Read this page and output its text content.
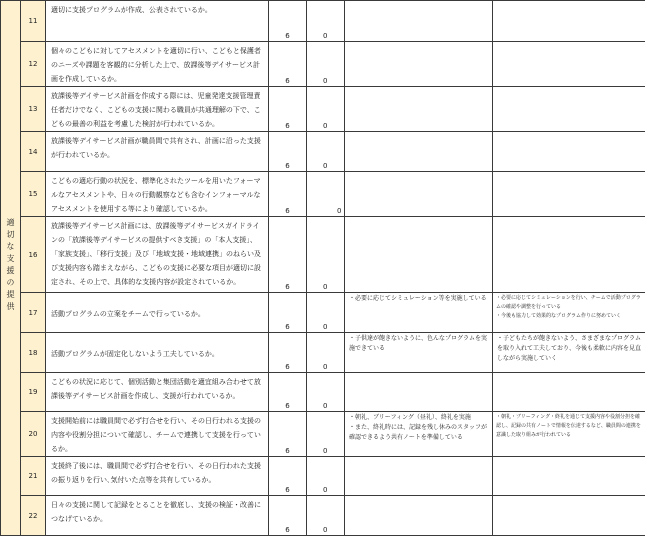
適切な支援の提供	11	適切に支援プログラムが作成、公表されているか。	6	0		
	12	個々のこどもに対してアセスメントを適切に行い、こどもと保護者のニーズや課題を客観的に分析した上で、放課後等デイサービス計画を作成しているか。	6	0		
	13	放課後等デイサービス計画を作成する際には、児童発達支援管理責任者だけでなく、こどもの支援に関わる職員が共通理解の下で、こどもの最善の利益を考慮した検討が行われているか。	6	0		
	14	放課後等デイサービス計画が職員間で共有され、計画に沿った支援が行われているか。	6	0		
	15	こどもの適応行動の状況を、標準化されたツールを用いたフォーマルなアセスメントや、日々の行動観察なども含むインフォーマルなアセスメントを使用する等により確認しているか。	6	0		
	16	放課後等デイサービス計画には、放課後等デイサービスガイドラインの「放課後等デイサービスの提供すべき支援」の「本人支援」、「家族支援」、「移行支援」及び「地域支援・地域連携」のねらい及び支援内容も踏まえながら、こどもの支援に必要な項目が適切に設定され、その上で、具体的な支援内容が設定されているか。	6	0		
	17	活動プログラムの立案をチームで行っているか。	6	0	・必要に応じてシミュレーション等を実施している	・必要に応じてシミュレーションを行い、チームで活動プログラムの確認や調整を行っている
・今後も協力して効果的なプログラム作りに努めていく
	18	活動プログラムが固定化しないよう工夫しているか。	6	0	・子供達が飽きないように、色んなプログラムを実施できている	・子どもたちが飽きないよう、さまざまなプログラムを取り入れて工夫しており、今後も柔軟に内容を見直しながら実施していく
	19	こどもの状況に応じて、個別活動と集団活動を適宜組み合わせて放課後等デイサービス計画を作成し、支援が行われているか。	6	0		
	20	支援開始前には職員間で必ず打合せを行い、その日行われる支援の内容や役割分担について確認し、チームで連携して支援を行っているか。	6	0	・朝礼、ブリーフィング（昼礼）、終礼を実施
・また、終礼時には、記録を残し休みのスタッフが確認できるよう共有ノートを準備している	・朝礼・ブリーフィング・終礼を通じて支援内容や役割分担を確認し、記録の共有ノートで情報を伝達するなど、職員間の連携を意識した取り組みが行われている
	21	支援終了後には、職員間で必ず打合せを行い、その日行われた支援の振り返りを行い､気付いた点等を共有しているか。	6	0		
	22	日々の支援に関して記録をとることを徹底し、支援の検証・改善につなげているか。	6	0		
